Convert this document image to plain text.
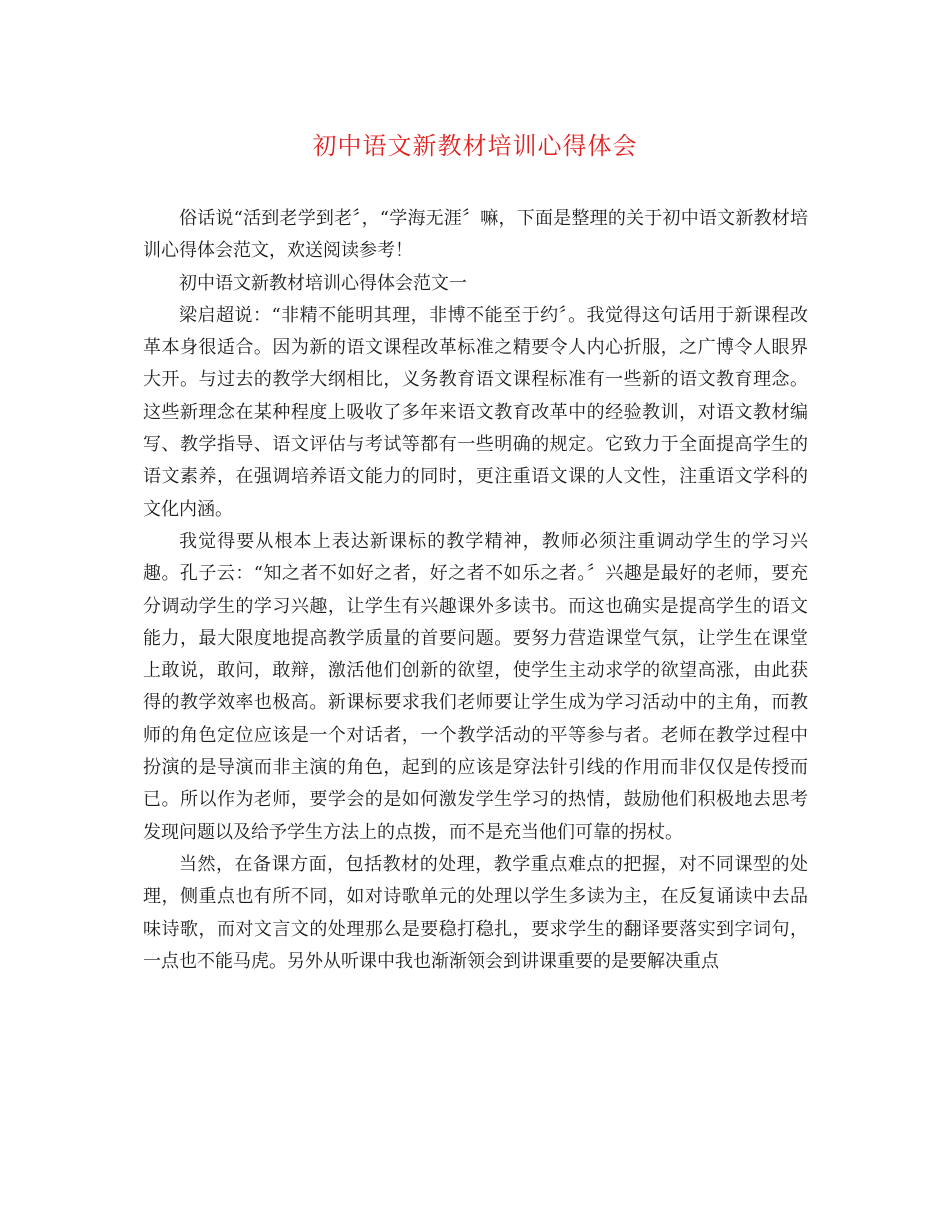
初中语文新教材培训心得体会

俗话说“活到老学到老〞，“学海无涯〞嘛，下面是整理的关于初中语文新教材培训心得体会范文，欢送阅读参考！

初中语文新教材培训心得体会范文一

梁启超说：“非精不能明其理，非博不能至于约〞。我觉得这句话用于新课程改革本身很适合。因为新的语文课程改革标准之精要令人内心折服，之广博令人眼界大开。与过去的教学大纲相比，义务教育语文课程标准有一些新的语文教育理念。这些新理念在某种程度上吸收了多年来语文教育改革中的经验教训，对语文教材编写、教学指导、语文评估与考试等都有一些明确的规定。它致力于全面提高学生的语文素养，在强调培养语文能力的同时，更注重语文课的人文性，注重语文学科的文化内涵。

我觉得要从根本上表达新课标的教学精神，教师必须注重调动学生的学习兴趣。孔子云：“知之者不如好之者，好之者不如乐之者。〞兴趣是最好的老师，要充分调动学生的学习兴趣，让学生有兴趣课外多读书。而这也确实是提高学生的语文能力，最大限度地提高教学质量的首要问题。要努力营造课堂气氛，让学生在课堂上敢说，敢问，敢辩，激活他们创新的欲望，使学生主动求学的欲望高涨，由此获得的教学效率也极高。新课标要求我们老师要让学生成为学习活动中的主角，而教师的角色定位应该是一个对话者，一个教学活动的平等参与者。老师在教学过程中扮演的是导演而非主演的角色，起到的应该是穿法针引线的作用而非仅仅是传授而已。所以作为老师，要学会的是如何激发学生学习的热情，鼓励他们积极地去思考发现问题以及给予学生方法上的点拨，而不是充当他们可靠的拐杖。

当然，在备课方面，包括教材的处理，教学重点难点的把握，对不同课型的处理，侧重点也有所不同，如对诗歌单元的处理以学生多读为主，在反复诵读中去品味诗歌，而对文言文的处理那么是要稳打稳扎，要求学生的翻译要落实到字词句，一点也不能马虎。另外从听课中我也渐渐领会到讲课重要的是要解决重点
